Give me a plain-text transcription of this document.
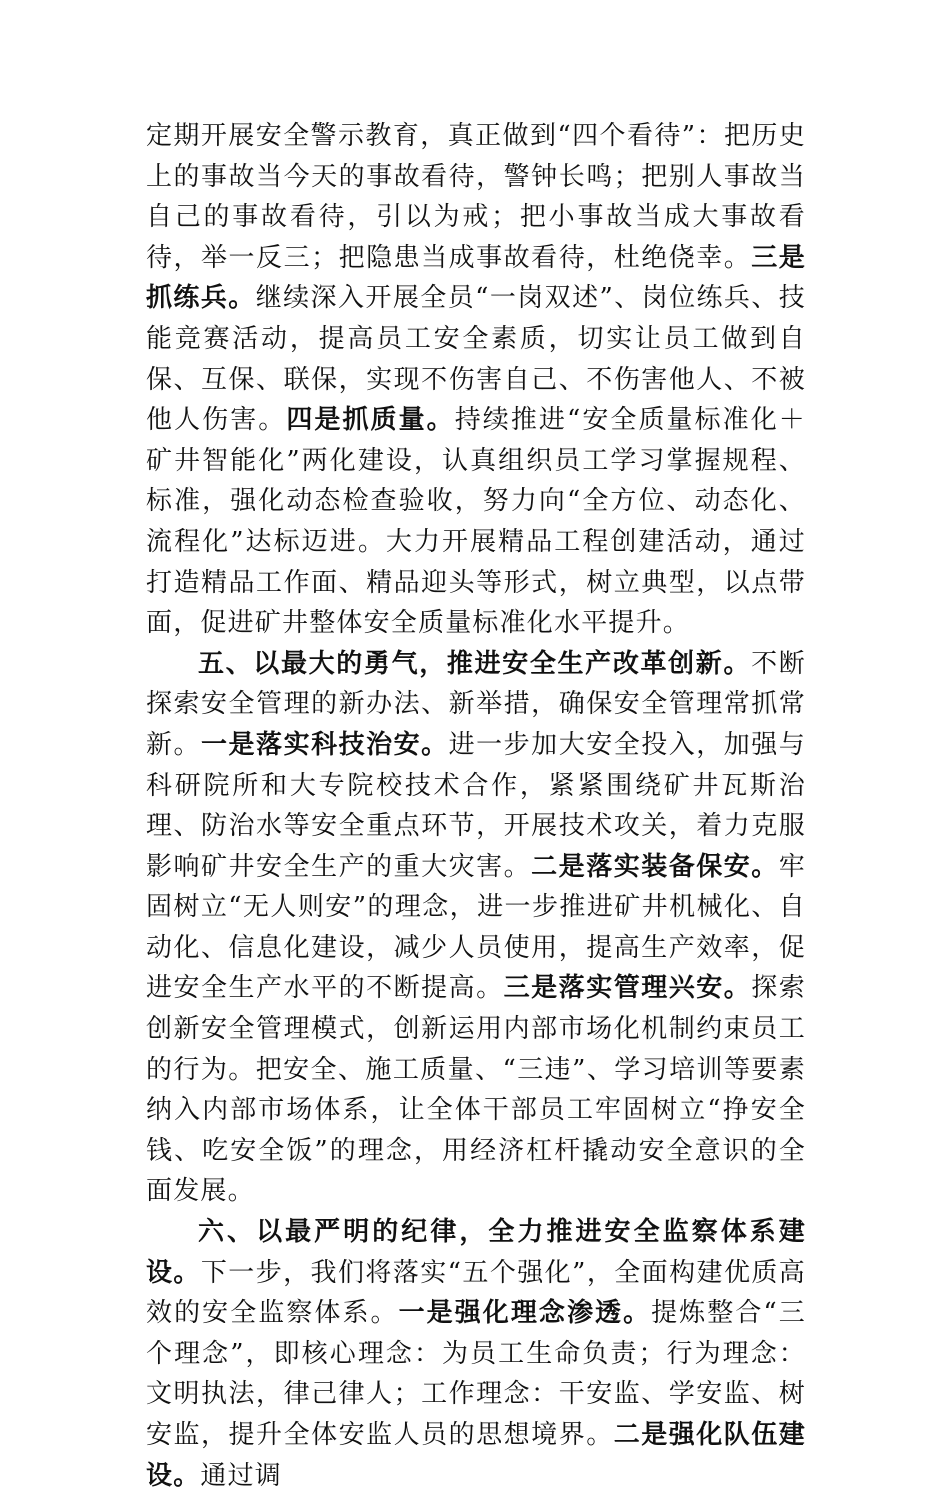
定期开展安全警示教育，真正做到“四个看待”：把历史上的事故当今天的事故看待，警钟长鸣；把别人事故当自己的事故看待，引以为戒；把小事故当成大事故看待，举一反三；把隐患当成事故看待，杜绝侥幸。三是抓练兵。继续深入开展全员“一岗双述”、岗位练兵、技能竞赛活动，提高员工安全素质，切实让员工做到自保、互保、联保，实现不伤害自己、不伤害他人、不被他人伤害。四是抓质量。持续推进“安全质量标准化＋矿井智能化”两化建设，认真组织员工学习掌握规程、标准，强化动态检查验收，努力向“全方位、动态化、流程化”达标迈进。大力开展精品工程创建活动，通过打造精品工作面、精品迎头等形式，树立典型，以点带面，促进矿井整体安全质量标准化水平提升。

五、以最大的勇气，推进安全生产改革创新。不断探索安全管理的新办法、新举措，确保安全管理常抓常新。一是落实科技治安。进一步加大安全投入，加强与科研院所和大专院校技术合作，紧紧围绕矿井瓦斯治理、防治水等安全重点环节，开展技术攻关，着力克服影响矿井安全生产的重大灾害。二是落实装备保安。牢固树立“无人则安”的理念，进一步推进矿井机械化、自动化、信息化建设，减少人员使用，提高生产效率，促进安全生产水平的不断提高。三是落实管理兴安。探索创新安全管理模式，创新运用内部市场化机制约束员工的行为。把安全、施工质量、“三违”、学习培训等要素纳入内部市场体系，让全体干部员工牢固树立“挣安全钱、吃安全饭”的理念，用经济杠杆撬动安全意识的全面发展。

六、以最严明的纪律，全力推进安全监察体系建设。下一步，我们将落实“五个强化”，全面构建优质高效的安全监察体系。一是强化理念渗透。提炼整合“三个理念”，即核心理念：为员工生命负责；行为理念：文明执法，律己律人；工作理念：干安监、学安监、树安监，提升全体安监人员的思想境界。二是强化队伍建设。通过调
